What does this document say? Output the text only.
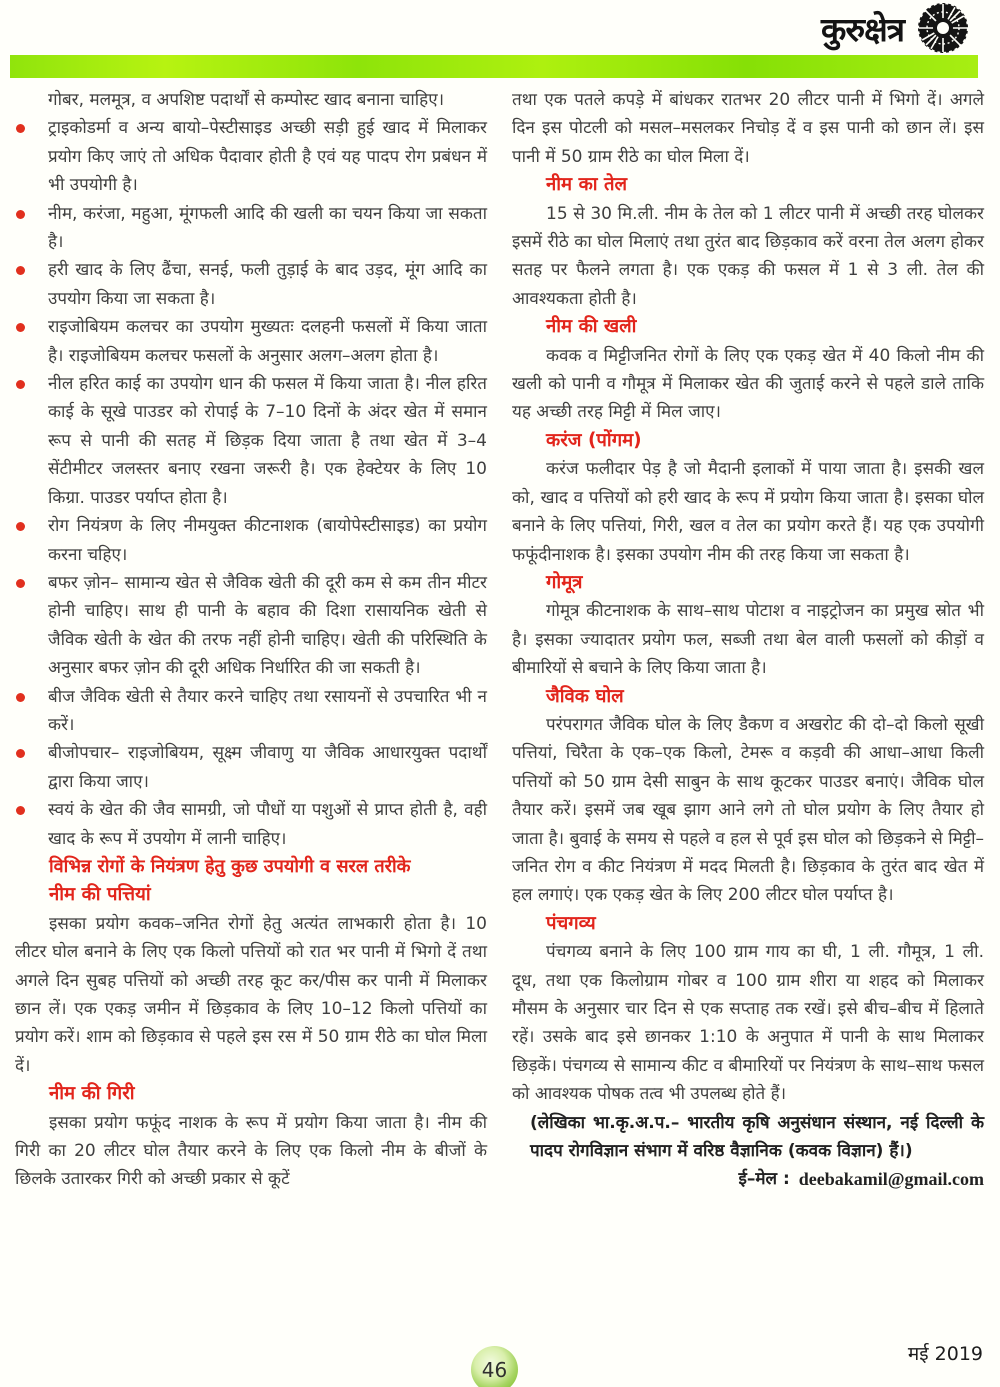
कुरुक्षेत्र
गोबर, मलमूत्र, व अपशिष्ट पदार्थों से कम्पोस्ट खाद बनाना चाहिए।
ट्राइकोडर्मा व अन्य बायो–पेस्टीसाइड अच्छी सड़ी हुई खाद में मिलाकर प्रयोग किए जाएं तो अधिक पैदावार होती है एवं यह पादप रोग प्रबंधन में भी उपयोगी है।
नीम, करंजा, महुआ, मूंगफली आदि की खली का चयन किया जा सकता है।
हरी खाद के लिए ढैंचा, सनई, फली तुड़ाई के बाद उड़द, मूंग आदि का उपयोग किया जा सकता है।
राइजोबियम कलचर का उपयोग मुख्यतः दलहनी फसलों में किया जाता है। राइजोबियम कलचर फसलों के अनुसार अलग–अलग होता है।
नील हरित काई का उपयोग धान की फसल में किया जाता है। नील हरित काई के सूखे पाउडर को रोपाई के 7–10 दिनों के अंदर खेत में समान रूप से पानी की सतह में छिड़क दिया जाता है तथा खेत में 3–4 सेंटीमीटर जलस्तर बनाए रखना जरूरी है। एक हेक्टेयर के लिए 10 किग्रा. पाउडर पर्याप्त होता है।
रोग नियंत्रण के लिए नीमयुक्त कीटनाशक (बायोपेस्टीसाइड) का प्रयोग करना चहिए।
बफर ज़ोन– सामान्य खेत से जैविक खेती की दूरी कम से कम तीन मीटर होनी चाहिए। साथ ही पानी के बहाव की दिशा रासायनिक खेती से जैविक खेती के खेत की तरफ नहीं होनी चाहिए। खेती की परिस्थिति के अनुसार बफर ज़ोन की दूरी अधिक निर्धारित की जा सकती है।
बीज जैविक खेती से तैयार करने चाहिए तथा रसायनों से उपचारित भी न करें।
बीजोपचार– राइजोबियम, सूक्ष्म जीवाणु या जैविक आधारयुक्त पदार्थों द्वारा किया जाए।
स्वयं के खेत की जैव सामग्री, जो पौधों या पशुओं से प्राप्त होती है, वही खाद के रूप में उपयोग में लानी चाहिए।
विभिन्न रोगों के नियंत्रण हेतु कुछ उपयोगी व सरल तरीके
नीम की पत्तियां
इसका प्रयोग कवक–जनित रोगों हेतु अत्यंत लाभकारी होता है। 10 लीटर घोल बनाने के लिए एक किलो पत्तियों को रात भर पानी में भिगो दें तथा अगले दिन सुबह पत्तियों को अच्छी तरह कूट कर/पीस कर पानी में मिलाकर छान लें। एक एकड़ जमीन में छिड़काव के लिए 10–12 किलो पत्तियों का प्रयोग करें। शाम को छिड़काव से पहले इस रस में 50 ग्राम रीठे का घोल मिला दें।
नीम की गिरी
इसका प्रयोग फफूंद नाशक के रूप में प्रयोग किया जाता है। नीम की गिरी का 20 लीटर घोल तैयार करने के लिए एक किलो नीम के बीजों के छिलके उतारकर गिरी को अच्छी प्रकार से कूटें
तथा एक पतले कपड़े में बांधकर रातभर 20 लीटर पानी में भिगो दें। अगले दिन इस पोटली को मसल–मसलकर निचोड़ दें व इस पानी को छान लें। इस पानी में 50 ग्राम रीठे का घोल मिला दें।
नीम का तेल
15 से 30 मि.ली. नीम के तेल को 1 लीटर पानी में अच्छी तरह घोलकर इसमें रीठे का घोल मिलाएं तथा तुरंत बाद छिड़काव करें वरना तेल अलग होकर सतह पर फैलने लगता है। एक एकड़ की फसल में 1 से 3 ली. तेल की आवश्यकता होती है।
नीम की खली
कवक व मिट्टीजनित रोगों के लिए एक एकड़ खेत में 40 किलो नीम की खली को पानी व गौमूत्र में मिलाकर खेत की जुताई करने से पहले डाले ताकि यह अच्छी तरह मिट्टी में मिल जाए।
करंज (पोंगम)
करंज फलीदार पेड़ है जो मैदानी इलाकों में पाया जाता है। इसकी खल को, खाद व पत्तियों को हरी खाद के रूप में प्रयोग किया जाता है। इसका घोल बनाने के लिए पत्तियां, गिरी, खल व तेल का प्रयोग करते हैं। यह एक उपयोगी फफूंदीनाशक है। इसका उपयोग नीम की तरह किया जा सकता है।
गोमूत्र
गोमूत्र कीटनाशक के साथ–साथ पोटाश व नाइट्रोजन का प्रमुख स्रोत भी है। इसका ज्यादातर प्रयोग फल, सब्जी तथा बेल वाली फसलों को कीड़ों व बीमारियों से बचाने के लिए किया जाता है।
जैविक घोल
परंपरागत जैविक घोल के लिए डैकण व अखरोट की दो–दो किलो सूखी पत्तियां, चिरैता के एक–एक किलो, टेमरू व कड़वी की आधा–आधा किली पत्तियों को 50 ग्राम देसी साबुन के साथ कूटकर पाउडर बनाएं। जैविक घोल तैयार करें। इसमें जब खूब झाग आने लगे तो घोल प्रयोग के लिए तैयार हो जाता है। बुवाई के समय से पहले व हल से पूर्व इस घोल को छिड़कने से मिट्टी–जनित रोग व कीट नियंत्रण में मदद मिलती है। छिड़काव के तुरंत बाद खेत में हल लगाएं। एक एकड़ खेत के लिए 200 लीटर घोल पर्याप्त है।
पंचगव्य
पंचगव्य बनाने के लिए 100 ग्राम गाय का घी, 1 ली. गौमूत्र, 1 ली. दूध, तथा एक किलोग्राम गोबर व 100 ग्राम शीरा या शहद को मिलाकर मौसम के अनुसार चार दिन से एक सप्ताह तक रखें। इसे बीच–बीच में हिलाते रहें। उसके बाद इसे छानकर 1:10 के अनुपात में पानी के साथ मिलाकर छिड़कें। पंचगव्य से सामान्य कीट व बीमारियों पर नियंत्रण के साथ–साथ फसल को आवश्यक पोषक तत्व भी उपलब्ध होते हैं।
(लेखिका भा.कृ.अ.प.– भारतीय कृषि अनुसंधान संस्थान, नई दिल्ली के पादप रोगविज्ञान संभाग में वरिष्ठ वैज्ञानिक (कवक विज्ञान) हैं।)
ई–मेल : deebakamil@gmail.com
46
मई 2019
